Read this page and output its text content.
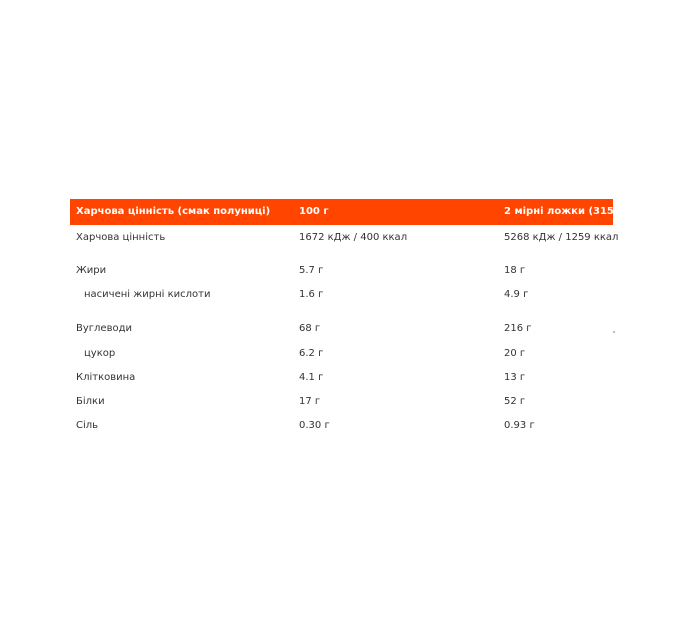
Харчова цінність (смак полуниці)	100 г	2 мірні ложки (315 г)
Харчова цінність	1672 кДж / 400 ккал	5268 кДж / 1259 ккал
Жири	5.7 г	18 г
насичені жирні кислоти	1.6 г	4.9 г
Вуглеводи	68 г	216 г
цукор	6.2 г	20 г
Клітковина	4.1 г	13 г
Білки	17 г	52 г
Сіль	0.30 г	0.93 г
